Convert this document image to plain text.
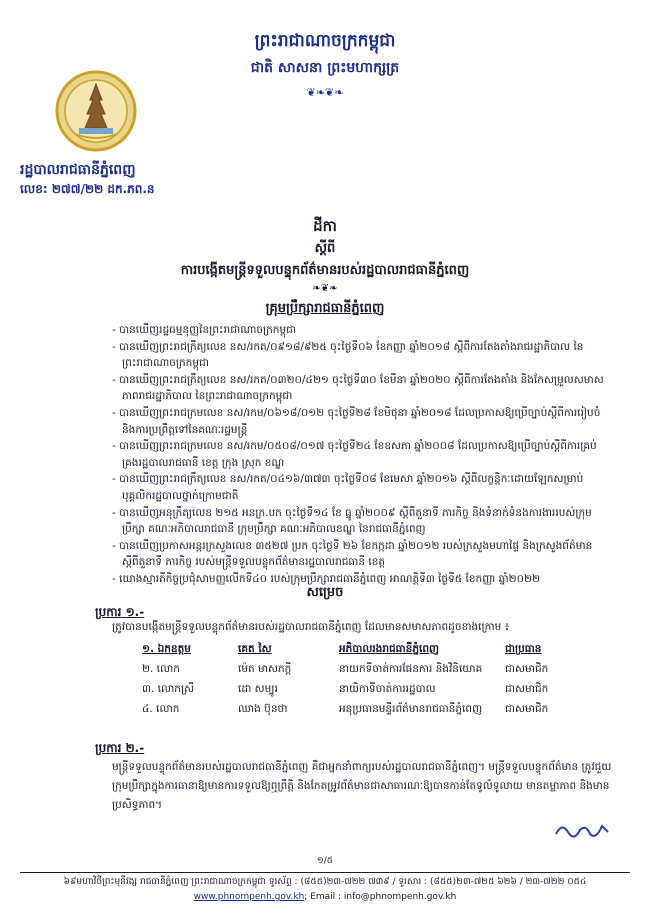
ព្រះរាជាណាចក្រកម្ពុជា
ជាតិ សាសនា ព្រះមហាក្សត្រ
❦❧❦❧
រដ្ឋបាលរាជធានីភ្នំពេញ
លេខ: ២៧៧/២២ ដក.ភព.ន
ដីកា
ស្តីពី
ការបង្កើតមន្ត្រីទទួលបន្ទុកព័ត៌មានរបស់រដ្ឋបាលរាជធានីភ្នំពេញ
❧❦❧
គ្រុមប្រឹក្សារាជធានីភ្នំពេញ
- បានឃើញរដ្ឋធម្មនុញ្ញនៃព្រះរាជាណាចក្រកម្ពុជា
- បានឃើញព្រះរាជក្រឹត្យលេខ នស/រកត/០៩១៨/៩២៥ ចុះថ្ងៃទី០៦ ខែកញ្ញា ឆ្នាំ២០១៨ ស្តីពីការតែងតាំងរាជរដ្ឋាភិបាល នៃព្រះរាជាណាចក្រកម្ពុជា
- បានឃើញព្រះរាជក្រឹត្យលេខ នស/រកត/០៣២០/៤២១ ចុះថ្ងៃទី៣០ ខែមីនា ឆ្នាំ២០២០ ស្តីពីការតែងតាំង និងកែសម្រួលសមាសភាពរាជរដ្ឋាភិបាល នៃព្រះរាជាណាចក្រកម្ពុជា
- បានឃើញព្រះរាជក្រមលេខ នស/រកម/០៦១៨/០១២ ចុះថ្ងៃទី២៨ ខែមិថុនា ឆ្នាំ២០១៨ ដែលប្រកាសឱ្យប្រើច្បាប់ស្តីពីការរៀបចំ និងការប្រព្រឹត្តទៅនៃគណៈរដ្ឋមន្ត្រី
- បានឃើញព្រះរាជក្រមលេខ នស/រកម/០៥០៨/០១៧ ចុះថ្ងៃទី២៤ ខែឧសភា ឆ្នាំ២០០៨ ដែលប្រកាសឱ្យប្រើច្បាប់ស្តីពីការគ្រប់គ្រងរដ្ឋបាលរាជធានី ខេត្ត ក្រុង ស្រុក ខណ្ឌ
- បានឃើញព្រះរាជក្រឹត្យលេខ នស/រកត/០៤១៦/៣៧៣ ចុះថ្ងៃទី០៨ ខែមេសា ឆ្នាំ២០១៦ ស្តីពីលក្ខន្តិកៈដោយឡែកសម្រាប់បុគ្គលិករដ្ឋបាលថ្នាក់ក្រោមជាតិ
- បានឃើញអនុក្រឹត្យលេខ ២១៥ អនក្រ.បក ចុះថ្ងៃទី១៤ ខែ ធ្នូ ឆ្នាំ២០០៩ ស្តីពីតួនាទី ភារកិច្ច និងទំនាក់ទំនងការងាររបស់ក្រុមប្រឹក្សា គណៈអភិបាលរាជធានី ក្រុមប្រឹក្សា គណៈអភិបាលខណ្ឌ នៃរាជធានីភ្នំពេញ
- បានឃើញប្រកាសអន្តរក្រសួងលេខ ៣៥២៧ ប្រក ចុះថ្ងៃទី ២៦ ខែកក្កដា ឆ្នាំ២០១២ របស់ក្រសួងមហាផ្ទៃ និងក្រសួងព័ត៌មាន ស្តីពីតួនាទី ភារកិច្ច របស់មន្ត្រីទទួលបន្ទុកព័ត៌មានរដ្ឋបាលរាជធានី ខេត្ត
- យោងស្មារតីកិច្ចប្រជុំសាមញ្ញលើកទី៤០ របស់ក្រុមប្រឹក្សារាជធានីភ្នំពេញ អាណត្តិទី៣ ថ្ងៃទី៥ ខែកញ្ញា ឆ្នាំ២០២២
សម្រេច
ប្រការ ១.-
ត្រូវបានបង្កើតមន្ត្រីទទួលបន្ទុកព័ត៌មានរបស់រដ្ឋបាលរាជធានីភ្នំពេញ ដែលមានសមាសភាពដូចខាងក្រោម ៖
១. ឯកឧត្តម	គេត សៃ	អភិបាលរងរាជធានីភ្នំពេញ	ជាប្រធាន
២. លោក	ម៉េត មាសភក្តី	នាយកទីចាត់ការផែនការ និងវិនិយោគ	ជាសមាជិក
៣. លោកស្រី	ដោ សម្បូរ	នាយិកាទីចាត់ការរដ្ឋបាល	ជាសមាជិក
៤. លោក	ឈាង ប៊ុនថា	អនុប្រធានមន្ទីរព័ត៌មានរាជធានីភ្នំពេញ	ជាសមាជិក
ប្រការ ២.-
មន្ត្រីទទួលបន្ទុកព័ត៌មានរបស់រដ្ឋបាលរាជធានីភ្នំពេញ គឺជាអ្នកនាំពាក្យរបស់រដ្ឋបាលរាជធានីភ្នំពេញ។ មន្ត្រីទទួលបន្ទុកព័ត៌មាន ត្រូវជួយក្រុមប្រឹក្សាក្នុងការធានាឱ្យមានការទទួលឱ្យឮព្រឹត្តិ និងកែតម្រូវព័ត៌មានជាសាធារណៈឱ្យបានកាន់តែទូលំទូលាយ មានតម្លាភាព និងមានប្រសិទ្ធភាព។
១/៥
៦៩មហាវិថីព្រះមុនីវង្ស រាជធានីភ្នំពេញ ព្រះរាជាណាចក្រកម្ពុជា ទូរស័ព្ទ : (៨៥៥)២៣-៧២២ ៧៣៩ / ទូរសារ : (៨៥៥)២៣-៧២៥ ៦២៦ / ២៣-៧២២ ០៥៤
www.phnompenh.gov.kh; Email : info@phnompenh.gov.kh
